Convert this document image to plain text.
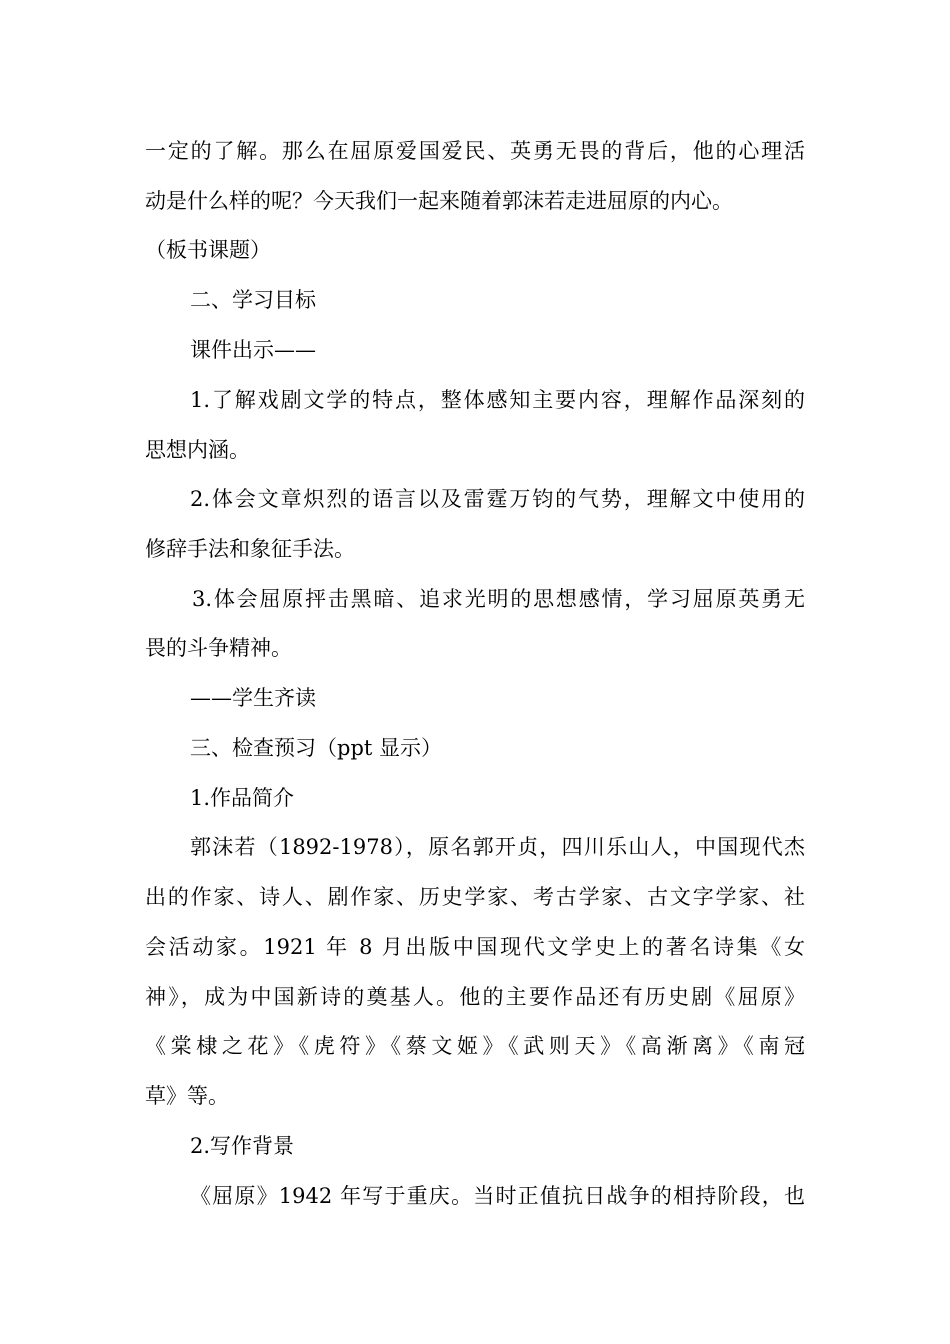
一定的了解。那么在屈原爱国爱民、英勇无畏的背后，他的心理活
动是什么样的呢？今天我们一起来随着郭沫若走进屈原的内心。
（板书课题）
二、学习目标
课件出示——
1.了解戏剧文学的特点，整体感知主要内容，理解作品深刻的
思想内涵。
2.体会文章炽烈的语言以及雷霆万钧的气势，理解文中使用的
修辞手法和象征手法。
3.体会屈原抨击黑暗、追求光明的思想感情，学习屈原英勇无
畏的斗争精神。
——学生齐读
三、检查预习（ppt 显示）
1.作品简介
郭沫若（1892-1978），原名郭开贞，四川乐山人，中国现代杰
出的作家、诗人、剧作家、历史学家、考古学家、古文字学家、社
会活动家。1921 年 8 月出版中国现代文学史上的著名诗集《女
神》，成为中国新诗的奠基人。他的主要作品还有历史剧《屈原》
《棠棣之花》《虎符》《蔡文姬》《武则天》《高渐离》《南冠
草》等。
2.写作背景
《屈原》1942 年写于重庆。当时正值抗日战争的相持阶段，也
